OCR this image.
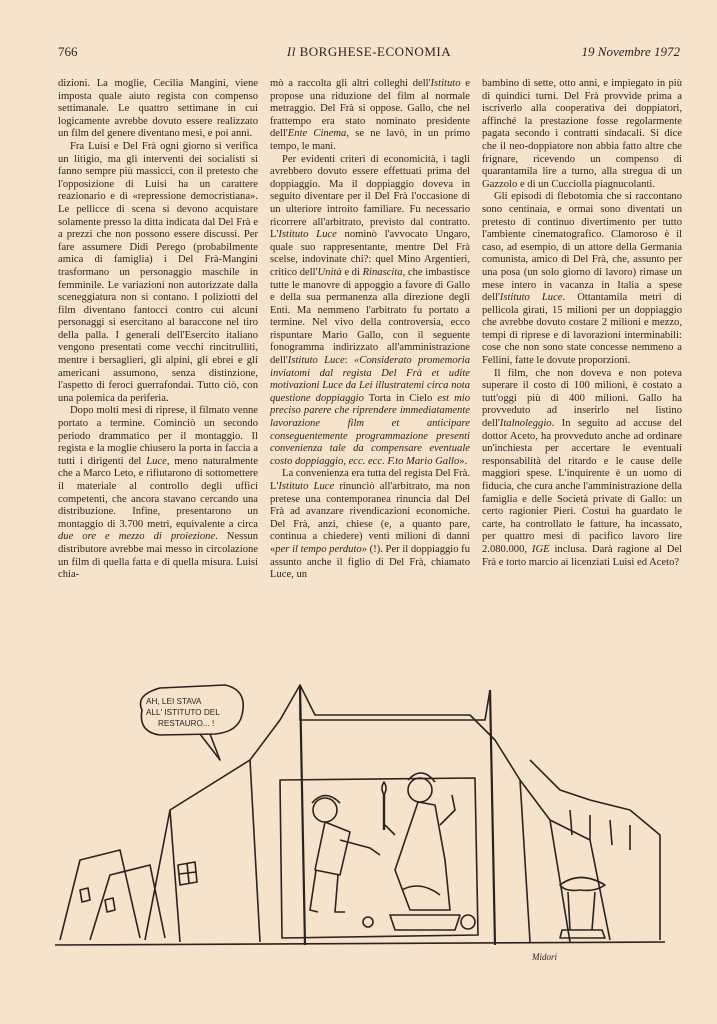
766	Il BORGHESE-ECONOMIA	19 Novembre 1972

dizioni. La moglie, Cecilia Mangini, viene imposta quale aiuto regista con compenso settimanale. Le quattro settimane in cui logicamente avrebbe dovuto essere realizzato un film del genere diventano mesi, e poi anni.

Fra Luisi e Del Frà ogni giorno si verifica un litigio, ma gli interventi dei socialisti si fanno sempre più massicci, con il pretesto che l'opposizione di Luisi ha un carattere reazionario e di «repressione democristiana». Le pellicce di scena si devono acquistare solamente presso la ditta indicata dal Del Frà e a prezzi che non possono essere discussi. Per fare assumere Didi Perego (probabilmente amica di famiglia) i Del Frà-Mangini trasformano un personaggio maschile in femminile. Le variazioni non autorizzate dalla sceneggiatura non si contano. I poliziotti del film diventano fantocci contro cui alcuni personaggi si esercitano al baraccone nel tiro della palla. I generali dell'Esercito italiano vengono presentati come vecchi rincitrulliti, mentre i bersaglieri, gli alpini, gli ebrei e gli americani assumono, senza distinzione, l'aspetto di feroci guerrafondai. Tutto ciò, con una polemica da periferia.

Dopo molti mesi di riprese, il filmato venne portato a termine. Cominciò un secondo periodo drammatico per il montaggio. Il regista e la moglie chiusero la porta in faccia a tutti i dirigenti del Luce, meno naturalmente che a Marco Leto, e rifiutarono di sottomettere il materiale al controllo degli uffici competenti, che ancora stavano cercando una distribuzione. Infine, presentarono un montaggio di 3.700 metri, equivalente a circa due ore e mezzo di proiezione. Nessun distributore avrebbe mai messo in circolazione un film di quella fatta e di quella misura. Luisi chia-

mò a raccolta gli altri colleghi dell'Istituto e propose una riduzione del film al normale metraggio. Del Frà si oppose. Gallo, che nel frattempo era stato nominato presidente dell'Ente Cinema, se ne lavò, in un primo tempo, le mani.

Per evidenti criteri di economicità, i tagli avrebbero dovuto essere effettuati prima del doppiaggio. Ma il doppiaggio doveva in seguito diventare per il Del Frà l'occasione di un ulteriore introito familiare. Fu necessario ricorrere all'arbitrato, previsto dal contratto. L'Istituto Luce nominò l'avvocato Ungaro, quale suo rappresentante, mentre Del Frà scelse, indovinate chi?: quel Mino Argentieri, critico dell'Unità e di Rinascita, che imbastisce tutte le manovre di appoggio a favore di Gallo e della sua permanenza alla direzione degli Enti. Ma nemmeno l'arbitrato fu portato a termine. Nel vivo della controversia, ecco rispuntare Mario Gallo, con il seguente fonogramma indirizzato all'amministrazione dell'Istituto Luce: «Considerato promemoria inviatomi dal regista Del Frà et udite motivazioni Luce da Lei illustratemi circa nota questione doppiaggio Torta in Cielo est mio preciso parere che riprendere immediatamente lavorazione film et anticipare conseguentemente programmazione presenti convenienza tale da compensare eventuale costo doppiaggio, ecc. ecc. F.to Mario Gallo».

La convenienza era tutta del regista Del Frà. L'Istituto Luce rinunciò all'arbitrato, ma non pretese una contemporanea rinuncia dal Del Frà ad avanzare rivendicazioni economiche. Del Frà, anzi, chiese (e, a quanto pare, continua a chiedere) venti milioni di danni «per il tempo perduto» (!). Per il doppiaggio fu assunto anche il figlio di Del Frà, chiamato Luce, un

bambino di sette, otto anni, e impiegato in più di quindici turni. Del Frà provvide prima a iscriverlo alla cooperativa dei doppiatori, affinché la prestazione fosse regolarmente pagata secondo i contratti sindacali. Si dice che il neo-doppiatore non abbia fatto altre che frignare, ricevendo un compenso di quarantamila lire a turno, alla stregua di un Gazzolo e di un Cucciolla piagnucolanti.

Gli episodi di flebotomia che si raccontano sono centinaia, e ormai sono diventati un pretesto di continuo divertimento per tutto l'ambiente cinematografico. Clamoroso è il caso, ad esempio, di un attore della Germania comunista, amico di Del Frà, che, assunto per una posa (un solo giorno di lavoro) rimase un mese intero in vacanza in Italia a spese dell'Istituto Luce. Ottantamila metri di pellicola girati, 15 milioni per un doppiaggio che avrebbe dovuto costare 2 milioni e mezzo, tempi di riprese e di lavorazioni interminabili: cose che non sono state concesse nemmeno a Fellini, fatte le dovute proporzioni.

Il film, che non doveva e non poteva superare il costo di 100 milioni, è costato a tutt'oggi più di 400 milioni. Gallo ha provveduto ad inserirlo nel listino dell'Italnoleggio. In seguito ad accuse del dottor Aceto, ha provveduto anche ad ordinare un'inchiesta per accertare le eventuali responsabilità del ritardo e le cause delle maggiori spese. L'inquirente è un uomo di fiducia, che cura anche l'amministrazione della famiglia e delle Società private di Gallo: un certo ragionier Pieri. Costui ha guardato le carte, ha controllato le fatture, ha incassato, per quattro mesi di pacifico lavoro lire 2.080.000, IGE inclusa. Darà ragione al Del Frà e torto marcio ai licenziati Luisi ed Aceto?

AH, LEI STAVA
ALL' ISTITUTO DEL
RESTAURO... !
Midori
